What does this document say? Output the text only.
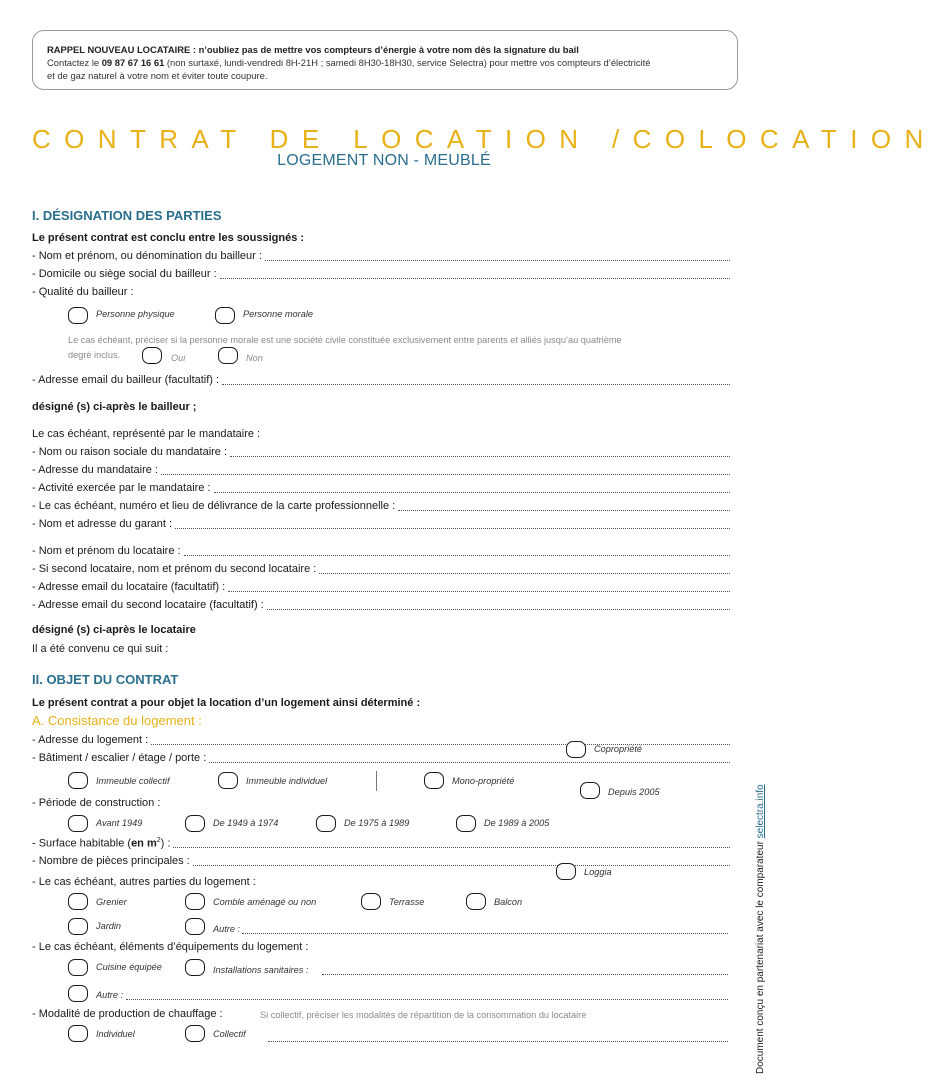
RAPPEL NOUVEAU LOCATAIRE : n’oubliez pas de mettre vos compteurs d’énergie à votre nom dès la signature du bail
Contactez le 09 87 67 16 61 (non surtaxé, lundi-vendredi 8H-21H ; samedi 8H30-18H30, service Selectra) pour mettre vos compteurs d’électricité
et de gaz naturel à votre nom et éviter toute coupure.
CONTRAT DE LOCATION /COLOCATION
LOGEMENT NON - MEUBLÉ
I. DÉSIGNATION DES PARTIES
Le présent contrat est conclu entre les soussignés :
- Nom et prénom, ou dénomination du bailleur :
- Domicile ou siège social du bailleur :
- Qualité du bailleur :
Personne physique	Personne morale
Le cas échéant, préciser si la personne morale est une société civile constituée exclusivement entre parents et alliés jusqu’au quatrième
degré inclus.	Oui	Non
- Adresse email du bailleur (facultatif) :
désigné (s) ci-après le bailleur ;
Le cas échéant, représenté par le mandataire :
- Nom ou raison sociale du mandataire :
- Adresse du mandataire :
- Activité exercée par le mandataire :
- Le cas échéant, numéro et lieu de délivrance de la carte professionnelle :
- Nom et adresse du garant :
- Nom et prénom du locataire :
- Si second locataire, nom et prénom du second locataire :
- Adresse email du locataire (facultatif) :
- Adresse email du second locataire (facultatif) :
désigné (s) ci-après le locataire
Il a été convenu ce qui suit :
II. OBJET DU CONTRAT
Le présent contrat a pour objet la location d’un logement ainsi déterminé :
A. Consistance du logement :
- Adresse du logement :
- Bâtiment / escalier / étage / porte :
Copropriété
Immeuble collectif	Immeuble individuel	Mono-propriété
Depuis 2005
- Période de construction :
Avant 1949	De 1949 à 1974	De 1975 à 1989	De 1989 à 2005
- Surface habitable (en $m^2$) :
- Nombre de pièces principales :
Loggia
- Le cas échéant, autres parties du logement :
Grenier	Comble aménagé ou non	Terrasse	Balcon
Jardin	Autre :
- Le cas échéant, éléments d’équipements du logement :
Cuisine équipée	Installations sanitaires :
Autre :
- Modalité de production de chauffage :	Si collectif, préciser les modalités de répartition de la consommation du locataire
Individuel	Collectif	Document conçu en partenariat avec le comparateur selectra.info
